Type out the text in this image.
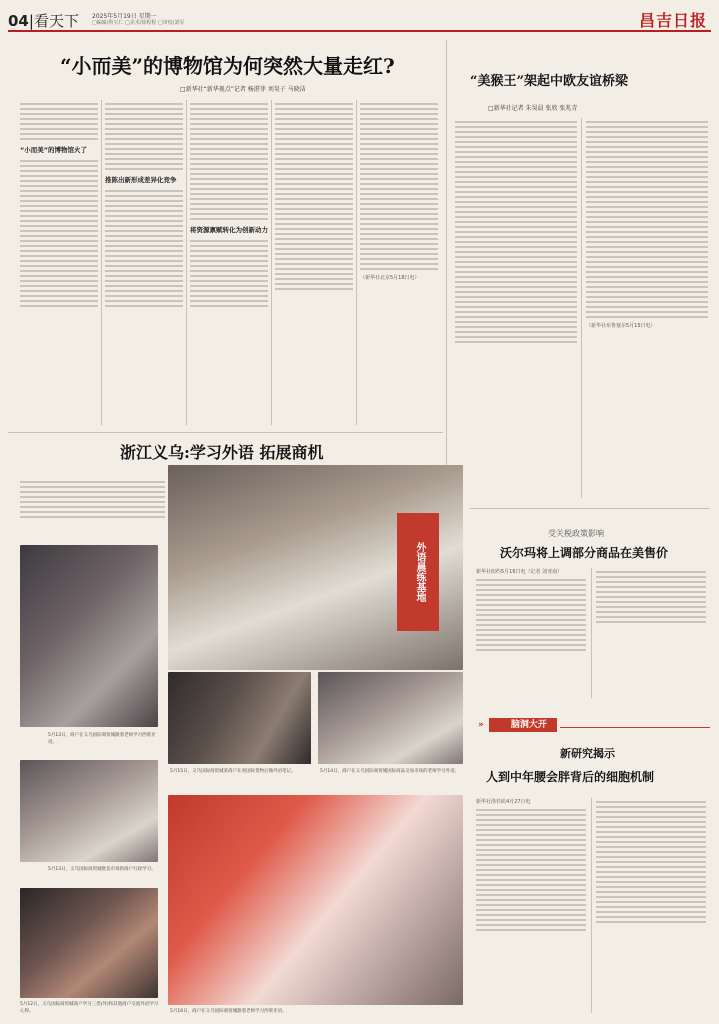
04|看天下 2025年5月19日 星期一
□编辑/鲁宝仁 □美术/徐程程 □审校/刘军	昌吉日报
“小而美”的博物馆为何突然大量走红?
□新华社“新华视点”记者 杨湛菲 刘昊子 马晓洁
“小而美”的博物馆火了
推陈出新形成差异化竞争
将资源禀赋转化为创新动力
（新华社北京5月18日电）
“美猴王”架起中欧友谊桥梁
□新华社记者 朱昊晨 张欣 张兆青
（新华社布鲁塞尔5月15日电）
浙江义乌:学习外语 拓展商机
5月13日，商户在义乌国际商贸城跟着老师学习西班牙语。
外语晨练基地
5月15日，义乌国际商贸城某商户在看国际货物后做外语笔记。	5月14日，商户在义乌国际商贸城国际商品交易市场的老师学习外语。
5月13日，义乌国际商贸城批发市场的商户行政学习。
5月12日，义乌国际商贸城商户学习三类(外)和其他商户交流外语学习心得。	5月16日，商户在义乌国际商贸城跟着老师学习西班牙语。
受关税政策影响
沃尔玛将上调部分商品在美售价
新华社纽约5月16日电（记者 刘亚南）
»	脑洞大开
新研究揭示
人到中年腰会胖背后的细胞机制
新华社洛杉矶4月27日电
